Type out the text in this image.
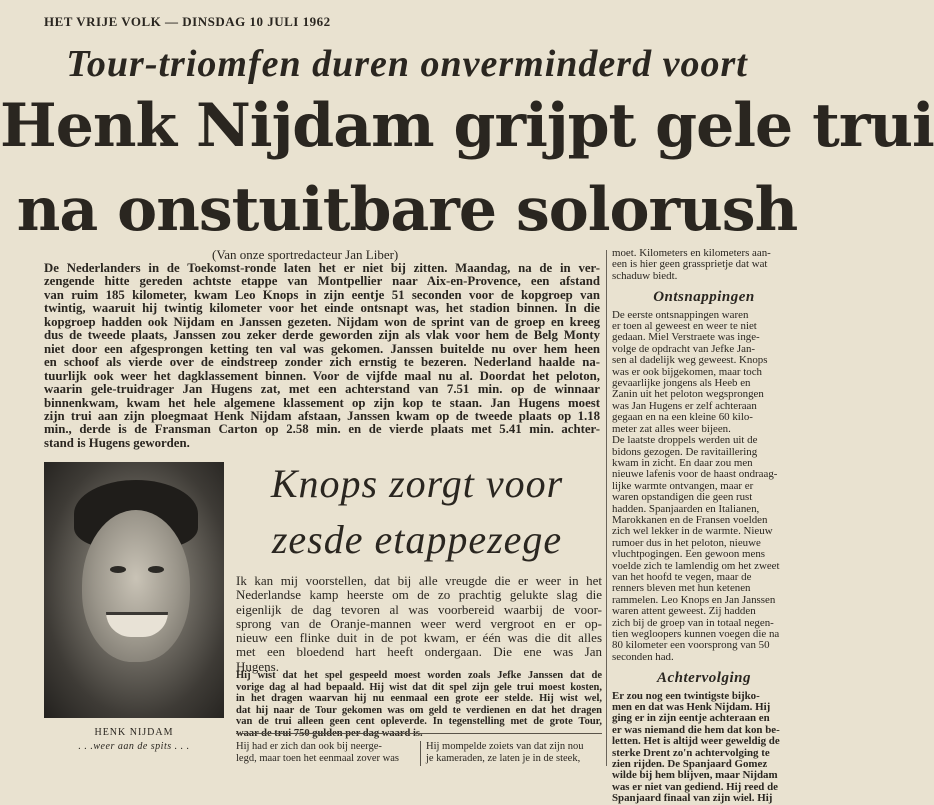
HET VRIJE VOLK — DINSDAG 10 JULI 1962
Tour-triomfen duren onverminderd voort
Henk Nijdam grijpt gele trui
na onstuitbare solorush
(Van onze sportredacteur Jan Liber)
De Nederlanders in de Toekomst-ronde laten het er niet bij zitten. Maandag, na de in ver-
zengende hitte gereden achtste etappe van Montpellier naar Aix-en-Provence, een afstand
van ruim 185 kilometer, kwam Leo Knops in zijn eentje 51 seconden voor de kopgroep van
twintig, waaruit hij twintig kilometer voor het einde ontsnapt was, het stadion binnen. In die
kopgroep hadden ook Nijdam en Janssen gezeten. Nijdam won de sprint van de groep en kreeg
dus de tweede plaats, Janssen zou zeker derde geworden zijn als vlak voor hem de Belg Monty
niet door een afgesprongen ketting ten val was gekomen. Janssen buitelde nu over hem heen
en schoof als vierde over de eindstreep zonder zich ernstig te bezeren. Nederland haalde na-
tuurlijk ook weer het dagklassement binnen. Voor de vijfde maal nu al. Doordat het peloton,
waarin gele-truidrager Jan Hugens zat, met een achterstand van 7.51 min. op de winnaar
binnenkwam, kwam het hele algemene klassement op zijn kop te staan. Jan Hugens moest
zijn trui aan zijn ploegmaat Henk Nijdam afstaan, Janssen kwam op de tweede plaats op 1.18
min., derde is de Fransman Carton op 2.58 min. en de vierde plaats met 5.41 min. achter-
stand is Hugens geworden.
moet. Kilometers en kilometers aan-
een is hier geen grassprietje dat wat
schaduw biedt.
Ontsnappingen
De eerste ontsnappingen waren
er toen al geweest en weer te niet
gedaan. Miel Verstraete was inge-
volge de opdracht van Jefke Jan-
sen al dadelijk weg geweest. Knops
was er ook bijgekomen, maar toch
gevaarlijke jongens als Heeb en
Zanin uit het peloton wegsprongen
was Jan Hugens er zelf achteraan
gegaan en na een kleine 60 kilo-
meter zat alles weer bijeen.
De laatste droppels werden uit de
bidons gezogen. De ravitaillering
kwam in zicht. En daar zou men
nieuwe lafenis voor de haast ondraag-
lijke warmte ontvangen, maar er
waren opstandigen die geen rust
hadden. Spanjaarden en Italianen,
Marokkanen en de Fransen voelden
zich wel lekker in de warmte. Nieuw
rumoer dus in het peloton, nieuwe
vluchtpogingen. Een gewoon mens
voelde zich te lamlendig om het zweet
van het hoofd te vegen, maar de
renners bleven met hun ketenen
rammelen. Leo Knops en Jan Janssen
waren attent geweest. Zij hadden
zich bij de groep van in totaal negen-
tien wegloopers kunnen voegen die na
80 kilometer een voorsprong van 50
seconden had.
Achtervolging
Er zou nog een twintigste bijko-
men en dat was Henk Nijdam. Hij
ging er in zijn eentje achteraan en
er was niemand die hem dat kon be-
letten. Het is altijd weer geweldig de
sterke Drent zo'n achtervolging te
zien rijden. De Spanjaard Gomez
wilde bij hem blijven, maar Nijdam
was er niet van gediend. Hij reed de
Spanjaard finaal van zijn wiel. Hij
HENK NIJDAM
. . .weer aan de spits . . .
Knops zorgt voor
zesde etappezege
Ik kan mij voorstellen, dat bij alle vreugde die er weer in het
Nederlandse kamp heerste om de zo prachtig gelukte slag die
eigenlijk de dag tevoren al was voorbereid waarbij de voor-
sprong van de Oranje-mannen weer werd vergroot en er op-
nieuw een flinke duit in de pot kwam, er één was die dit alles
met een bloedend hart heeft ondergaan. Die ene was Jan
Hugens.
Hij wist dat het spel gespeeld moest worden zoals Jefke Janssen dat de
vorige dag al had bepaald. Hij wist dat dit spel zijn gele trui moest kosten,
in het dragen waarvan hij nu eenmaal een grote eer stelde. Hij wist wel,
dat hij naar de Tour gekomen was om geld te verdienen en dat het dragen
van de trui alleen geen cent opleverde. In tegenstelling met de grote Tour,
Hij had er zich dan ook bij neerge-
legd, maar toen het eenmaal zover was
Hij mompelde zoiets van dat zijn nou
je kameraden, ze laten je in de steek,
